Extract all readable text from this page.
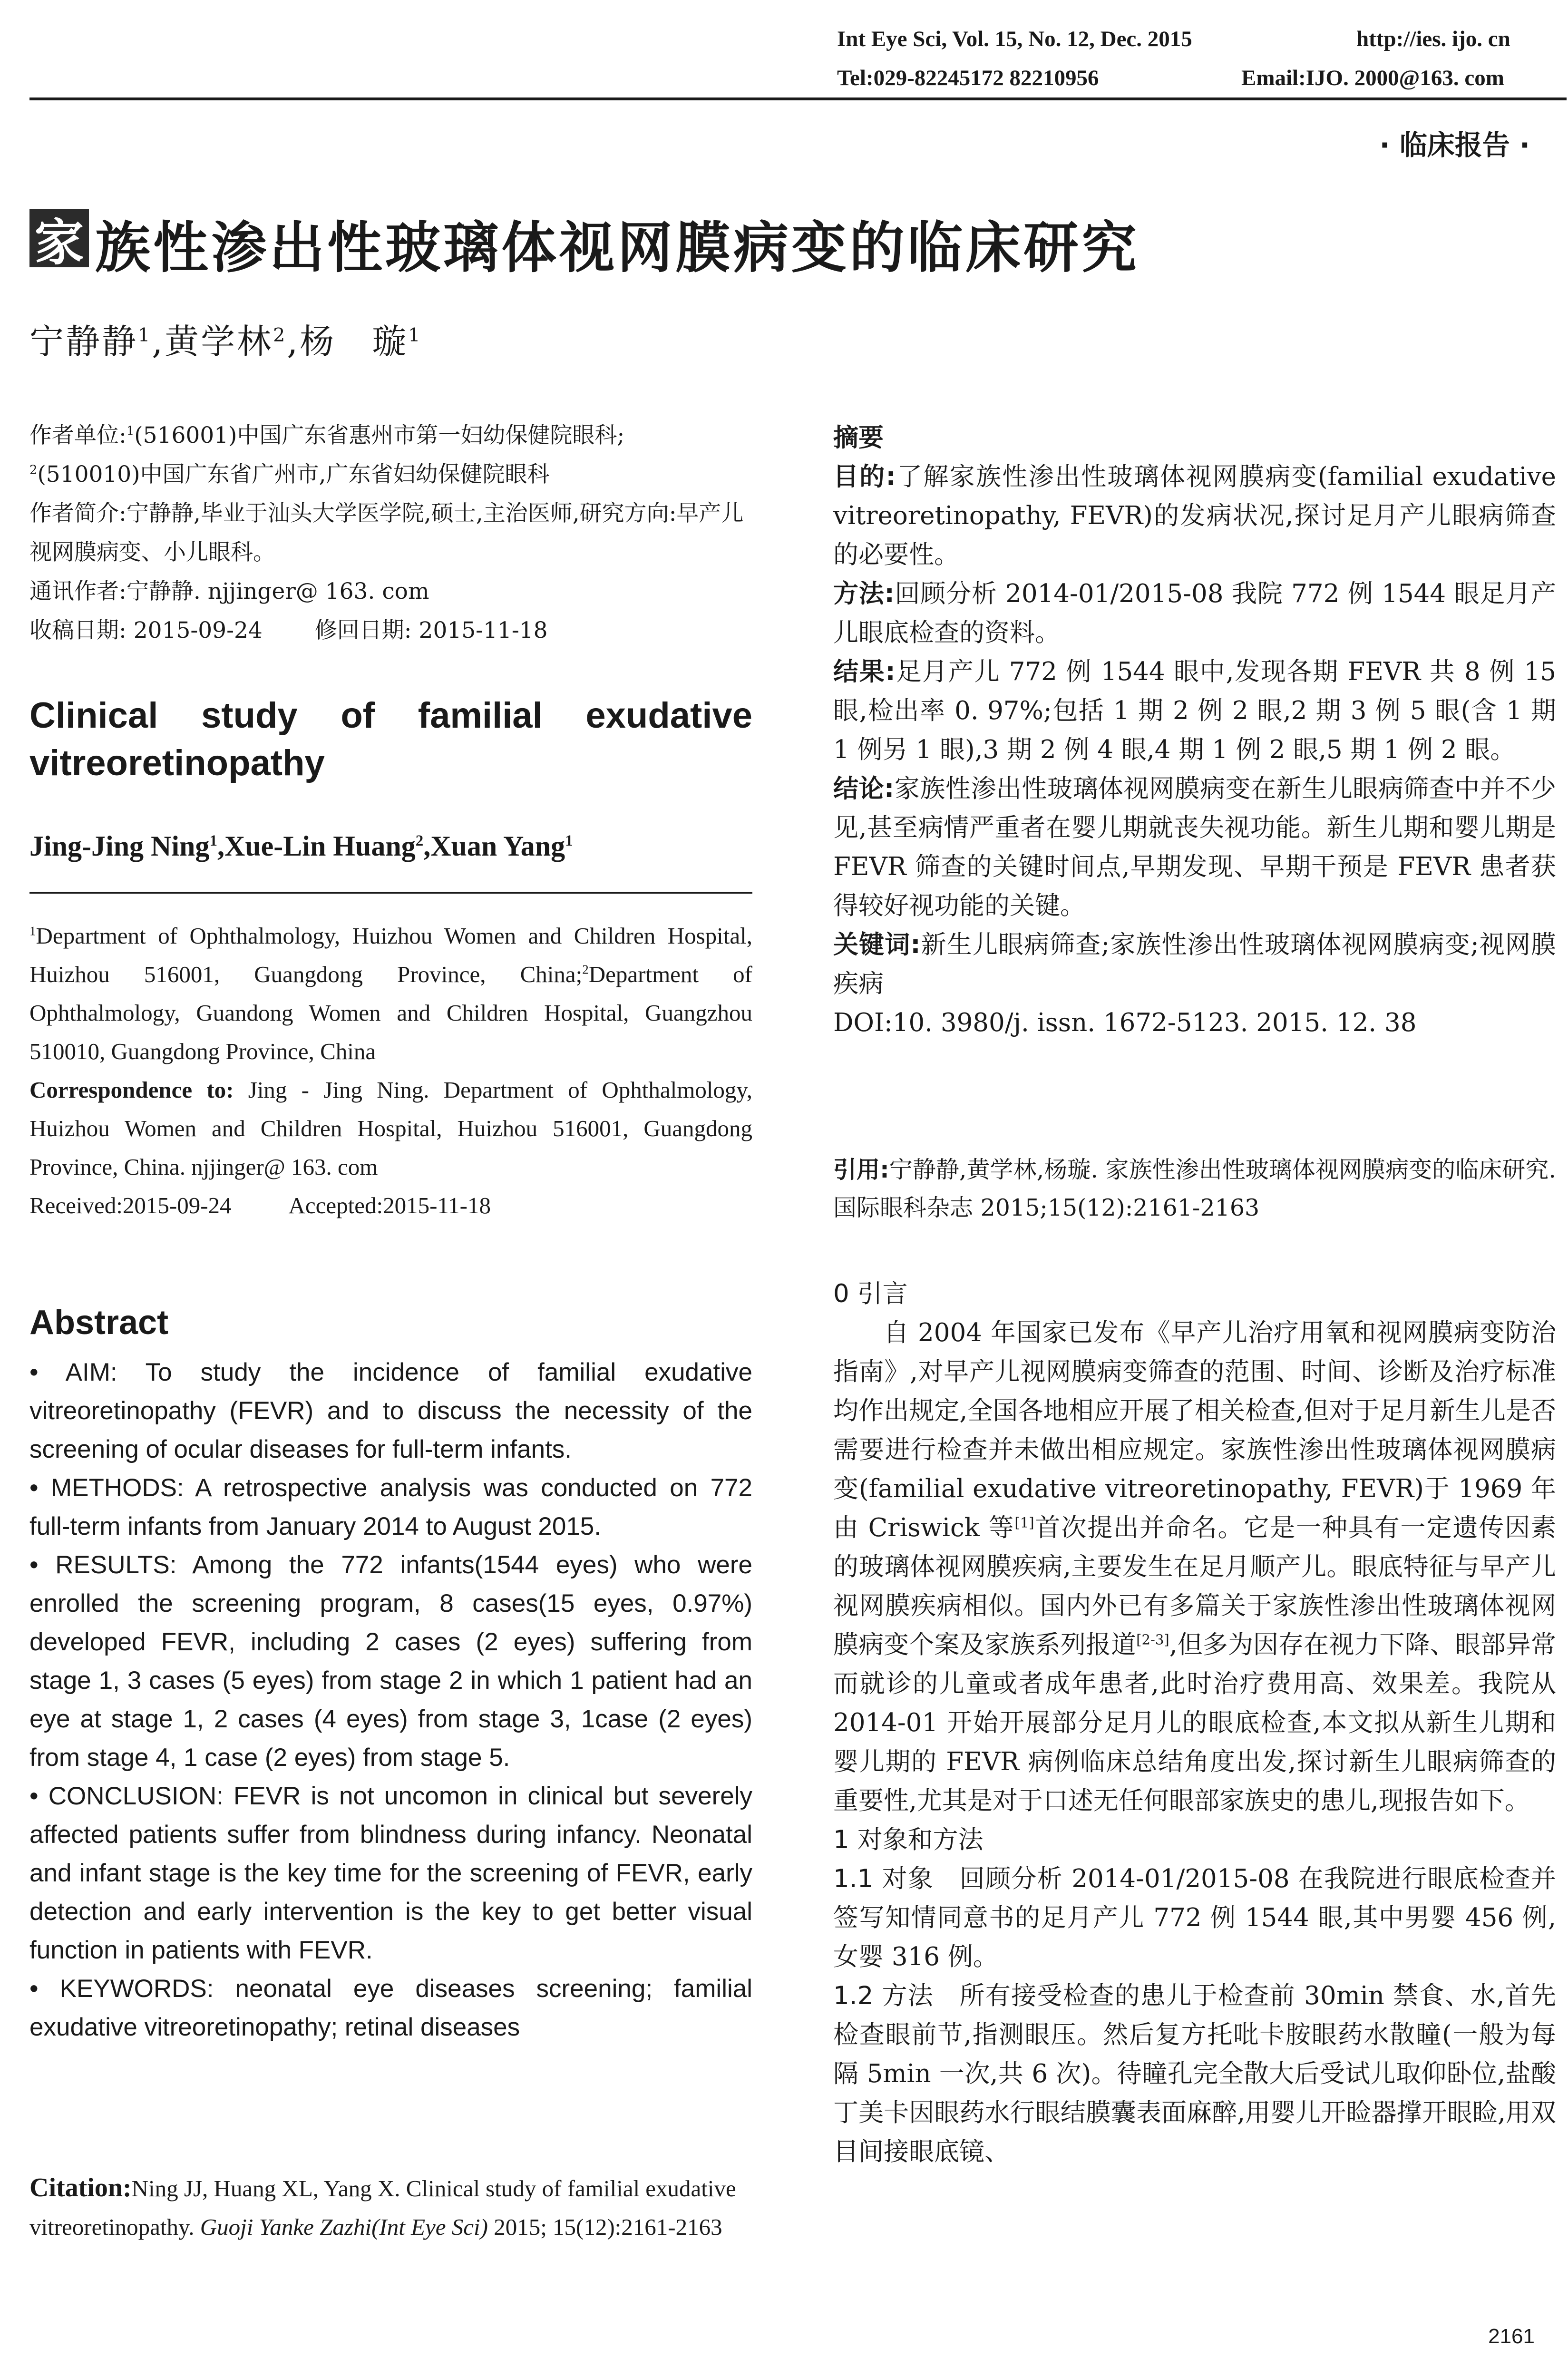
Int Eye Sci, Vol. 15, No. 12, Dec. 2015	http://ies. ijo. cn
Tel:029-82245172 82210956	Email:IJO. 2000@163. com
· 临床报告 ·
家 族性渗出性玻璃体视网膜病变的临床研究
宁静静$^1$,黄学林$^2$,杨　璇$^1$
作者单位:$^1$(516001)中国广东省惠州市第一妇幼保健院眼科;
$^2$(510010)中国广东省广州市,广东省妇幼保健院眼科
作者简介:宁静静,毕业于汕头大学医学院,硕士,主治医师,研究方向:早产儿视网膜病变、小儿眼科。
通讯作者:宁静静. njjinger@ 163. com
收稿日期: 2015-09-24 修回日期: 2015-11-18
Clinical study of familial exudative vitreoretinopathy
Jing-Jing Ning$^1$,Xue-Lin Huang$^2$,Xuan Yang$^1$
$^1$Department of Ophthalmology, Huizhou Women and Children Hospital, Huizhou 516001, Guangdong Province, China;$^2$Department of Ophthalmology, Guandong Women and Children Hospital, Guangzhou 510010, Guangdong Province, China
Correspondence to: Jing - Jing Ning. Department of Ophthalmology, Huizhou Women and Children Hospital, Huizhou 516001, Guangdong Province, China. njjinger@ 163. com
Received:2015-09-24 Accepted:2015-11-18
Abstract

• AIM: To study the incidence of familial exudative vitreoretinopathy (FEVR) and to discuss the necessity of the screening of ocular diseases for full-term infants.

• METHODS: A retrospective analysis was conducted on 772 full-term infants from January 2014 to August 2015.

• RESULTS: Among the 772 infants(1544 eyes) who were enrolled the screening program, 8 cases(15 eyes, 0.97%) developed FEVR, including 2 cases (2 eyes) suffering from stage 1, 3 cases (5 eyes) from stage 2 in which 1 patient had an eye at stage 1, 2 cases (4 eyes) from stage 3, 1case (2 eyes) from stage 4, 1 case (2 eyes) from stage 5.

• CONCLUSION: FEVR is not uncomon in clinical but severely affected patients suffer from blindness during infancy. Neonatal and infant stage is the key time for the screening of FEVR, early detection and early intervention is the key to get better visual function in patients with FEVR.

• KEYWORDS: neonatal eye diseases screening; familial exudative vitreoretinopathy; retinal diseases

Citation:Ning JJ, Huang XL, Yang X. Clinical study of familial exudative vitreoretinopathy. Guoji Yanke Zazhi(Int Eye Sci) 2015; 15(12):2161-2163

摘要

目的:了解家族性渗出性玻璃体视网膜病变(familial exudative vitreoretinopathy, FEVR)的发病状况,探讨足月产儿眼病筛查的必要性。

方法:回顾分析 2014-01/2015-08 我院 772 例 1544 眼足月产儿眼底检查的资料。

结果:足月产儿 772 例 1544 眼中,发现各期 FEVR 共 8 例 15 眼,检出率 0. 97%;包括 1 期 2 例 2 眼,2 期 3 例 5 眼(含 1 期 1 例另 1 眼),3 期 2 例 4 眼,4 期 1 例 2 眼,5 期 1 例 2 眼。

结论:家族性渗出性玻璃体视网膜病变在新生儿眼病筛查中并不少见,甚至病情严重者在婴儿期就丧失视功能。新生儿期和婴儿期是 FEVR 筛查的关键时间点,早期发现、早期干预是 FEVR 患者获得较好视功能的关键。

关键词:新生儿眼病筛查;家族性渗出性玻璃体视网膜病变;视网膜疾病

DOI:10. 3980/j. issn. 1672-5123. 2015. 12. 38

引用:宁静静,黄学林,杨璇. 家族性渗出性玻璃体视网膜病变的临床研究. 国际眼科杂志 2015;15(12):2161-2163

0 引言

自 2004 年国家已发布《早产儿治疗用氧和视网膜病变防治指南》,对早产儿视网膜病变筛查的范围、时间、诊断及治疗标准均作出规定,全国各地相应开展了相关检查,但对于足月新生儿是否需要进行检查并未做出相应规定。家族性渗出性玻璃体视网膜病变(familial exudative vitreoretinopathy, FEVR)于 1969 年由 Criswick 等[1]首次提出并命名。它是一种具有一定遗传因素的玻璃体视网膜疾病,主要发生在足月顺产儿。眼底特征与早产儿视网膜疾病相似。国内外已有多篇关于家族性渗出性玻璃体视网膜病变个案及家族系列报道[2-3],但多为因存在视力下降、眼部异常而就诊的儿童或者成年患者,此时治疗费用高、效果差。我院从 2014-01 开始开展部分足月儿的眼底检查,本文拟从新生儿期和婴儿期的 FEVR 病例临床总结角度出发,探讨新生儿眼病筛查的重要性,尤其是对于口述无任何眼部家族史的患儿,现报告如下。

1 对象和方法

1.1 对象　 回顾分析 2014-01/2015-08 在我院进行眼底检查并签写知情同意书的足月产儿 772 例 1544 眼,其中男婴 456 例,女婴 316 例。

1.2 方法　 所有接受检查的患儿于检查前 30min 禁食、水,首先检查眼前节,指测眼压。然后复方托吡卡胺眼药水散瞳(一般为每隔 5min 一次,共 6 次)。待瞳孔完全散大后受试儿取仰卧位,盐酸丁美卡因眼药水行眼结膜囊表面麻醉,用婴儿开睑器撑开眼睑,用双目间接眼底镜、

2161
